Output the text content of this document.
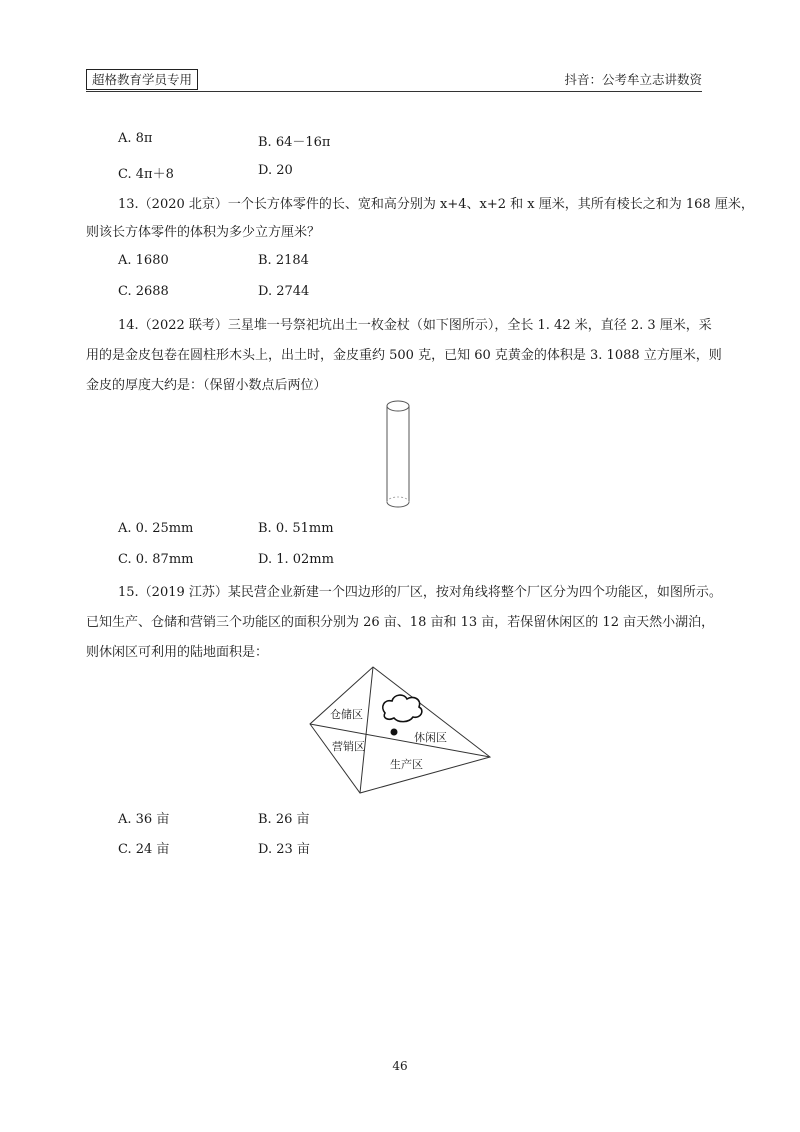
超格教育学员专用	抖音：公考牟立志讲数资
A. 8π	B. 64－16π
C. 4π＋8	D. 20
13.（2020 北京）一个长方体零件的长、宽和高分别为 x+4、x+2 和 x 厘米，其所有棱长之和为 168 厘米，
则该长方体零件的体积为多少立方厘米？
A. 1680	B. 2184
C. 2688	D. 2744
14.（2022 联考）三星堆一号祭祀坑出土一枚金杖（如下图所示），全长 1. 42 米，直径 2. 3 厘米，采
用的是金皮包卷在圆柱形木头上，出土时，金皮重约 500 克，已知 60 克黄金的体积是 3. 1088 立方厘米，则
金皮的厚度大约是：（保留小数点后两位）
A. 0. 25mm	B. 0. 51mm
C. 0. 87mm	D. 1. 02mm
15.（2019 江苏）某民营企业新建一个四边形的厂区，按对角线将整个厂区分为四个功能区，如图所示。
已知生产、仓储和营销三个功能区的面积分别为 26 亩、18 亩和 13 亩，若保留休闲区的 12 亩天然小湖泊，
则休闲区可利用的陆地面积是：
仓储区
休闲区
营销区
生产区
A. 36 亩	B. 26 亩
C. 24 亩	D. 23 亩
46
